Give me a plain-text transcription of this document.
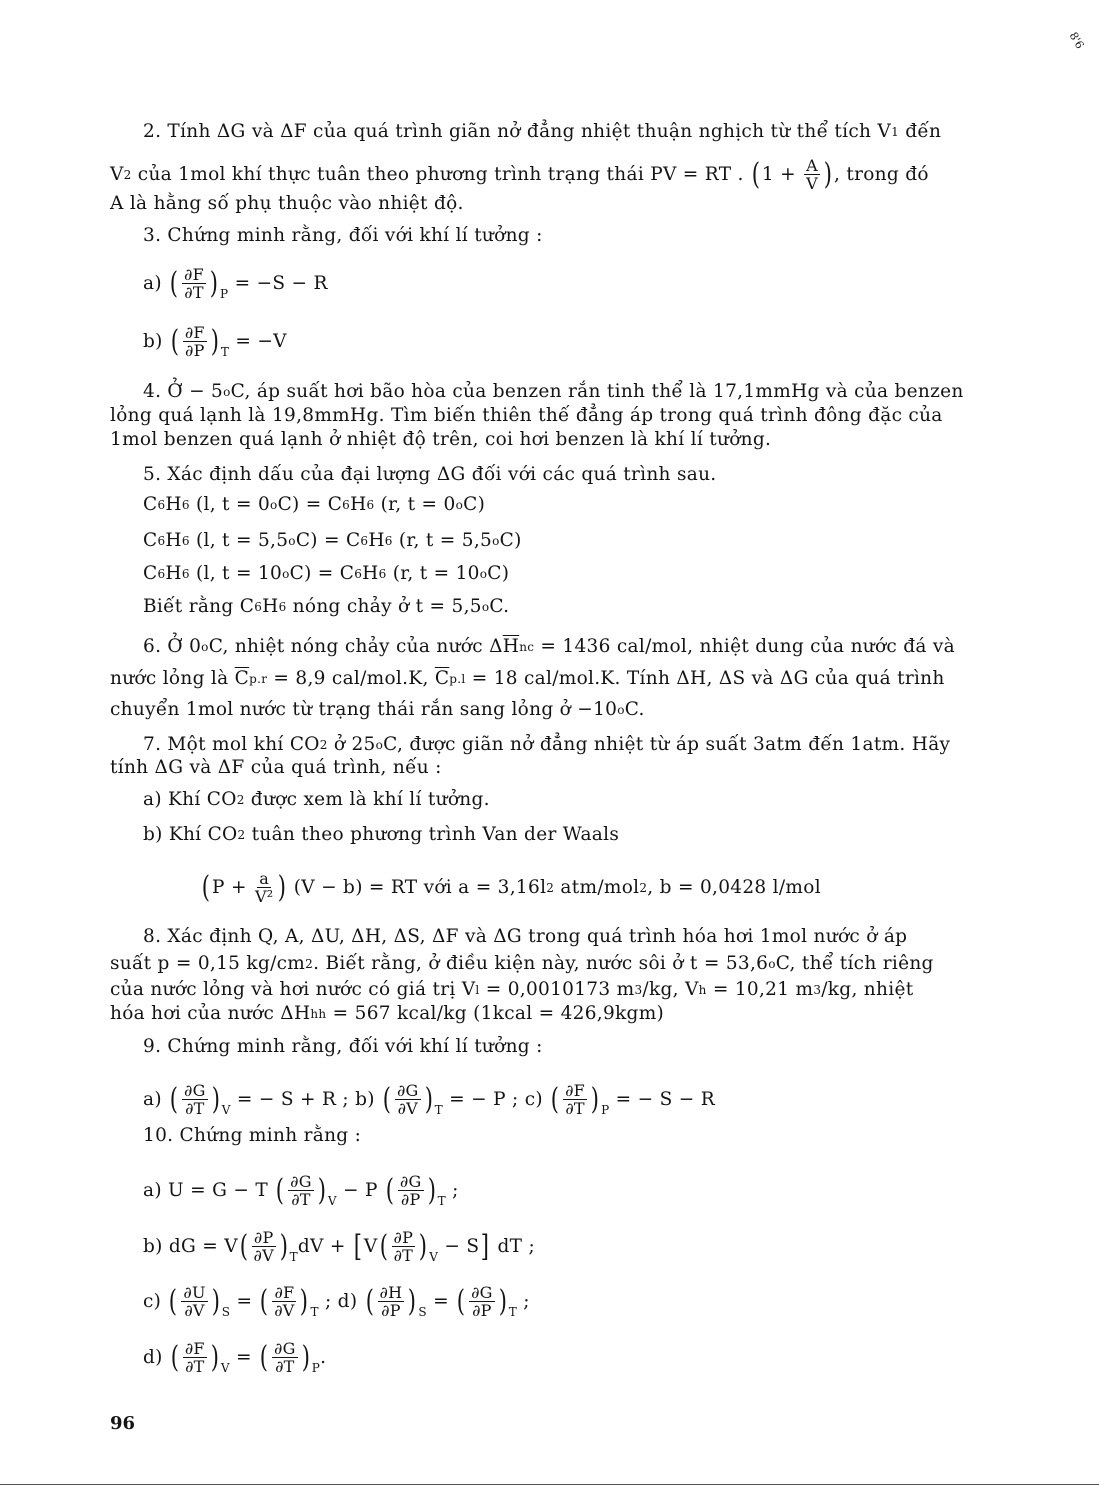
8'6
2. Tính ΔG và ΔF của quá trình giãn nở đẳng nhiệt thuận nghịch từ thể tích V 1 đến
V 2 của 1mol khí thực tuân theo phương trình trạng thái PV = RT . ( $1 + \frac{A}{V}$ ) , trong đó
A là hằng số phụ thuộc vào nhiệt độ.
3. Chứng minh rằng, đối với khí lí tưởng :
a) ( $\frac{\partial F}{\partial T}$ ) P
= −S − R
b) ( $\frac{\partial F}{\partial P}$ ) T
= −V
4. Ở − 5 o C, áp suất hơi bão hòa của benzen rắn tinh thể là 17,1mmHg và của benzen
lỏng quá lạnh là 19,8mmHg. Tìm biến thiên thế đẳng áp trong quá trình đông đặc của
1mol benzen quá lạnh ở nhiệt độ trên, coi hơi benzen là khí lí tưởng.
5. Xác định dấu của đại lượng ΔG đối với các quá trình sau.
C 6 H 6 (l, t = 0 o C) = C 6 H 6 (r, t = 0 o C)
C 6 H 6 (l, t = 5,5 o C) = C 6 H 6 (r, t = 5,5 o C)
C 6 H 6 (l, t = 10 o C) = C 6 H 6 (r, t = 10 o C)
Biết rằng C 6 H 6 nóng chảy ở t = 5,5 o C.
6. Ở 0 o C, nhiệt nóng chảy của nước Δ $\overline{H}$ nc = 1436 cal/mol, nhiệt dung của nước đá và
nước lỏng là $\overline{C}$ p.r = 8,9 cal/mol.K, $\overline{C}$ p.l = 18 cal/mol.K. Tính ΔH, ΔS và ΔG của quá trình
chuyển 1mol nước từ trạng thái rắn sang lỏng ở −10 o C.
7. Một mol khí CO 2 ở 25 o C, được giãn nở đẳng nhiệt từ áp suất 3atm đến 1atm. Hãy
tính ΔG và ΔF của quá trình, nếu :
a) Khí CO 2 được xem là khí lí tưởng.
b) Khí CO 2 tuân theo phương trình Van der Waals
( $P + \frac{a}{\text{V²}}$ ) (V − b) = RT với a = 3,16l 2 atm/mol 2 , b = 0,0428 l/mol
8. Xác định Q, A, ΔU, ΔH, ΔS, ΔF và ΔG trong quá trình hóa hơi 1mol nước ở áp
suất p = 0,15 kg/cm 2 . Biết rằng, ở điều kiện này, nước sôi ở t = 53,6 o C, thể tích riêng
của nước lỏng và hơi nước có giá trị V l = 0,0010173 m 3 /kg, V h = 10,21 m 3 /kg, nhiệt
hóa hơi của nước ΔH hh = 567 kcal/kg (1kcal = 426,9kgm)
9. Chứng minh rằng, đối với khí lí tưởng :
a) ( $\frac{\partial G}{\partial T}$ ) V
= − S + R ; b) ( $\frac{\partial G}{\partial V}$ ) T
= − P ; c) ( $\frac{\partial F}{\partial T}$ ) P
= − S − R
10. Chứng minh rằng :
a) U = G − T ( $\frac{\partial G}{\partial T}$ ) V
− P ( $\frac{\partial G}{\partial P}$ ) T
;
b) dG = V ( $\frac{\partial P}{\partial V}$ ) T
dV + [ V ( $\frac{\partial P}{\partial T}$ ) V
− S ] dT ;
c) ( $\frac{\partial U}{\partial V}$ ) S
= ( $\frac{\partial F}{\partial V}$ ) T
; d) ( $\frac{\partial H}{\partial P}$ ) S
= ( $\frac{\partial G}{\partial P}$ ) T
;
d) ( $\frac{\partial F}{\partial T}$ ) V
= ( $\frac{\partial G}{\partial T}$ ) P
.
96
